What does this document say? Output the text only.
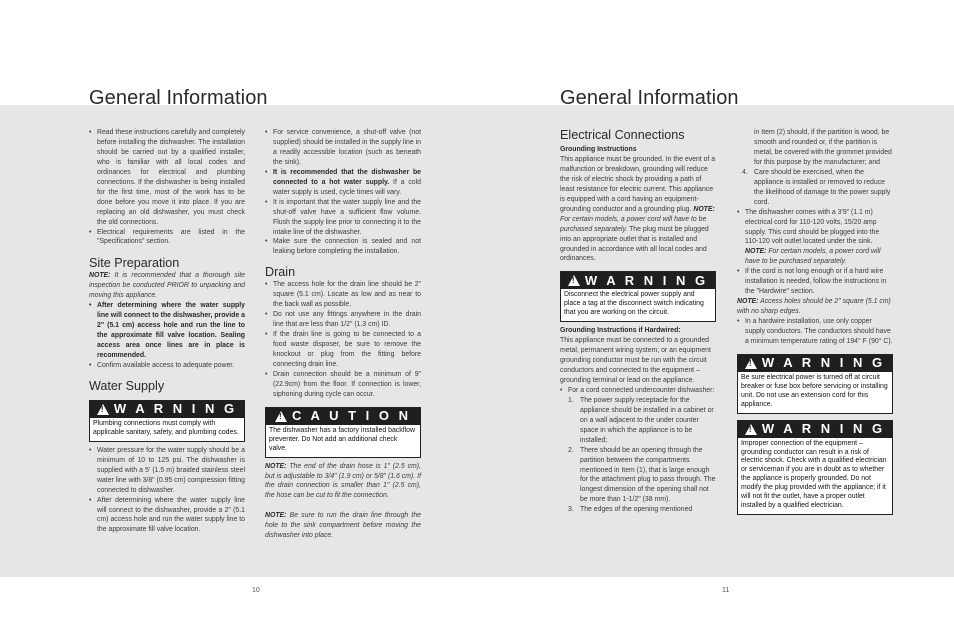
General Information
• Read these instructions carefully and completely before installing the dishwasher. The installation should be carried out by a qualified installer, who is familiar with all local codes and ordinances for electrical and plumbing connections. If the dishwasher is being installed for the first time, most of the work has to be done before you move it into place. If you are replacing an old dishwasher, you must check the old connections.
• Electrical requirements are listed in the "Specifications" section.
Site Preparation

NOTE: It is recommended that a thorough site inspection be conducted PRIOR to unpacking and moving this appliance.

• After determining where the water supply line will connect to the dishwasher, provide a 2" (5.1 cm) access hole and run the line to the approximate fill valve location. Sealing access area once lines are in place is recommended.
• Confirm available access to adequate power.
Water Supply
!
W A R N I N G
Plumbing connections must comply with applicable sanitary, safety, and plumbing codes.
• Water pressure for the water supply should be a minimum of 10 to 125 psi. The dishwasher is supplied with a 5' (1.5 m) braided stainless steel water line with 3/8" (0.95 cm) compression fitting connected to dishwasher.
• After determining where the water supply line will connect to the dishwasher, provide a 2" (5.1 cm) access hole and run the water supply line to the approximate fill valve location.
• For service convenience, a shut-off valve (not supplied) should be installed in the supply line in a readily accessible location (such as beneath the sink).
• It is recommended that the dishwasher be connected to a hot water supply. If a cold water supply is used, cycle times will vary.
• It is important that the water supply line and the shut-off valve have a sufficient flow volume. Flush the supply line prior to connecting it to the intake line of the dishwasher.
• Make sure the connection is sealed and not leaking before completing the installation.
Drain
• The access hole for the drain line should be 2" square (5.1 cm). Locate as low and as near to the back wall as possible.
• Do not use any fittings anywhere in the drain line that are less than 1/2" (1.3 cm) ID.
• If the drain line is going to be connected to a food waste disposer, be sure to remove the knockout or plug from the fitting before connecting drain line.
• Drain connection should be a minimum of 9" (22.9cm) from the floor. If connection is lower, siphoning during cycle can occur.
!
C A U T I O N
The dishwasher has a factory installed backflow preventer. Do Not add an additional check valve.

NOTE: The end of the drain hose is 1" (2.5 cm), but is adjustable to 3/4" (1.9 cm) or 5/8" (1.6 cm). If the drain connection is smaller than 1" (2.5 cm), the hose can be cut to fit the connection.

NOTE: Be sure to run the drain line through the hole to the sink compartment before moving the dishwasher into place.

10
General Information
Electrical Connections
Grounding Instructions

This appliance must be grounded. In the event of a malfunction or breakdown, grounding will reduce the risk of electric shock by providing a path of least resistance for electric current. This appliance is equipped with a cord having an equipment-grounding conductor and a grounding plug. NOTE: For certain models, a power cord will have to be purchased separately. The plug must be plugged into an appropriate outlet that is installed and grounded in accordance with all local codes and ordinances.

!
W A R N I N G
Disconnect the electrical power supply and place a tag at the disconnect switch indicating that you are working on the circuit.
Grounding Instructions if Hardwired:

This appliance must be connected to a grounded metal, permanent wiring system; or an equipment grounding conductor must be run with the circuit conductors and connected to the equipment – grounding terminal or lead on the appliance.

• For a cord connected undercounter dishwasher:
1. The power supply receptacle for the appliance should be installed in a cabinet or on a wall adjacent to the under counter space in which the appliance is to be installed;
2. There should be an opening through the partition between the compartments mentioned in Item (1), that is large enough for the attachment plug to pass through. The longest dimension of the opening shall not be more than 1-1/2" (38 mm).
3. The edges of the opening mentioned

in Item (2) should, if the partition is wood, be smooth and rounded or, if the partition is metal, be covered with the grommet provided for this purpose by the manufacturer; and

4. Care should be exercised, when the appliance is installed or removed to reduce the likelihood of damage to the power supply cord.
• The dishwasher comes with a 3'9" (1.1 m) electrical cord for 110-120 volts, 15/20 amp supply. This cord should be plugged into the 110-120 volt outlet located under the sink. NOTE: For certain models, a power cord will have to be purchased separately.
• If the cord is not long enough or if a hard wire installation is needed, follow the instructions in the "Hardwire" section.

NOTE: Access holes should be 2" square (5.1 cm) with no sharp edges.

• In a hardwire installation, use only copper supply conductors. The conductors should have a minimum temperature rating of 194° F (90° C).
!
W A R N I N G
Be sure electrical power is turned off at circuit breaker or fuse box before servicing or installing unit. Do not use an extension cord for this appliance.
!
W A R N I N G
Improper connection of the equipment – grounding conductor can result in a risk of electric shock. Check with a qualified electrician or serviceman if you are in doubt as to whether the appliance is properly grounded. Do not modify the plug provided with the appliance; if it will not fit the outlet, have a proper outlet installed by a qualified electrician.
11
